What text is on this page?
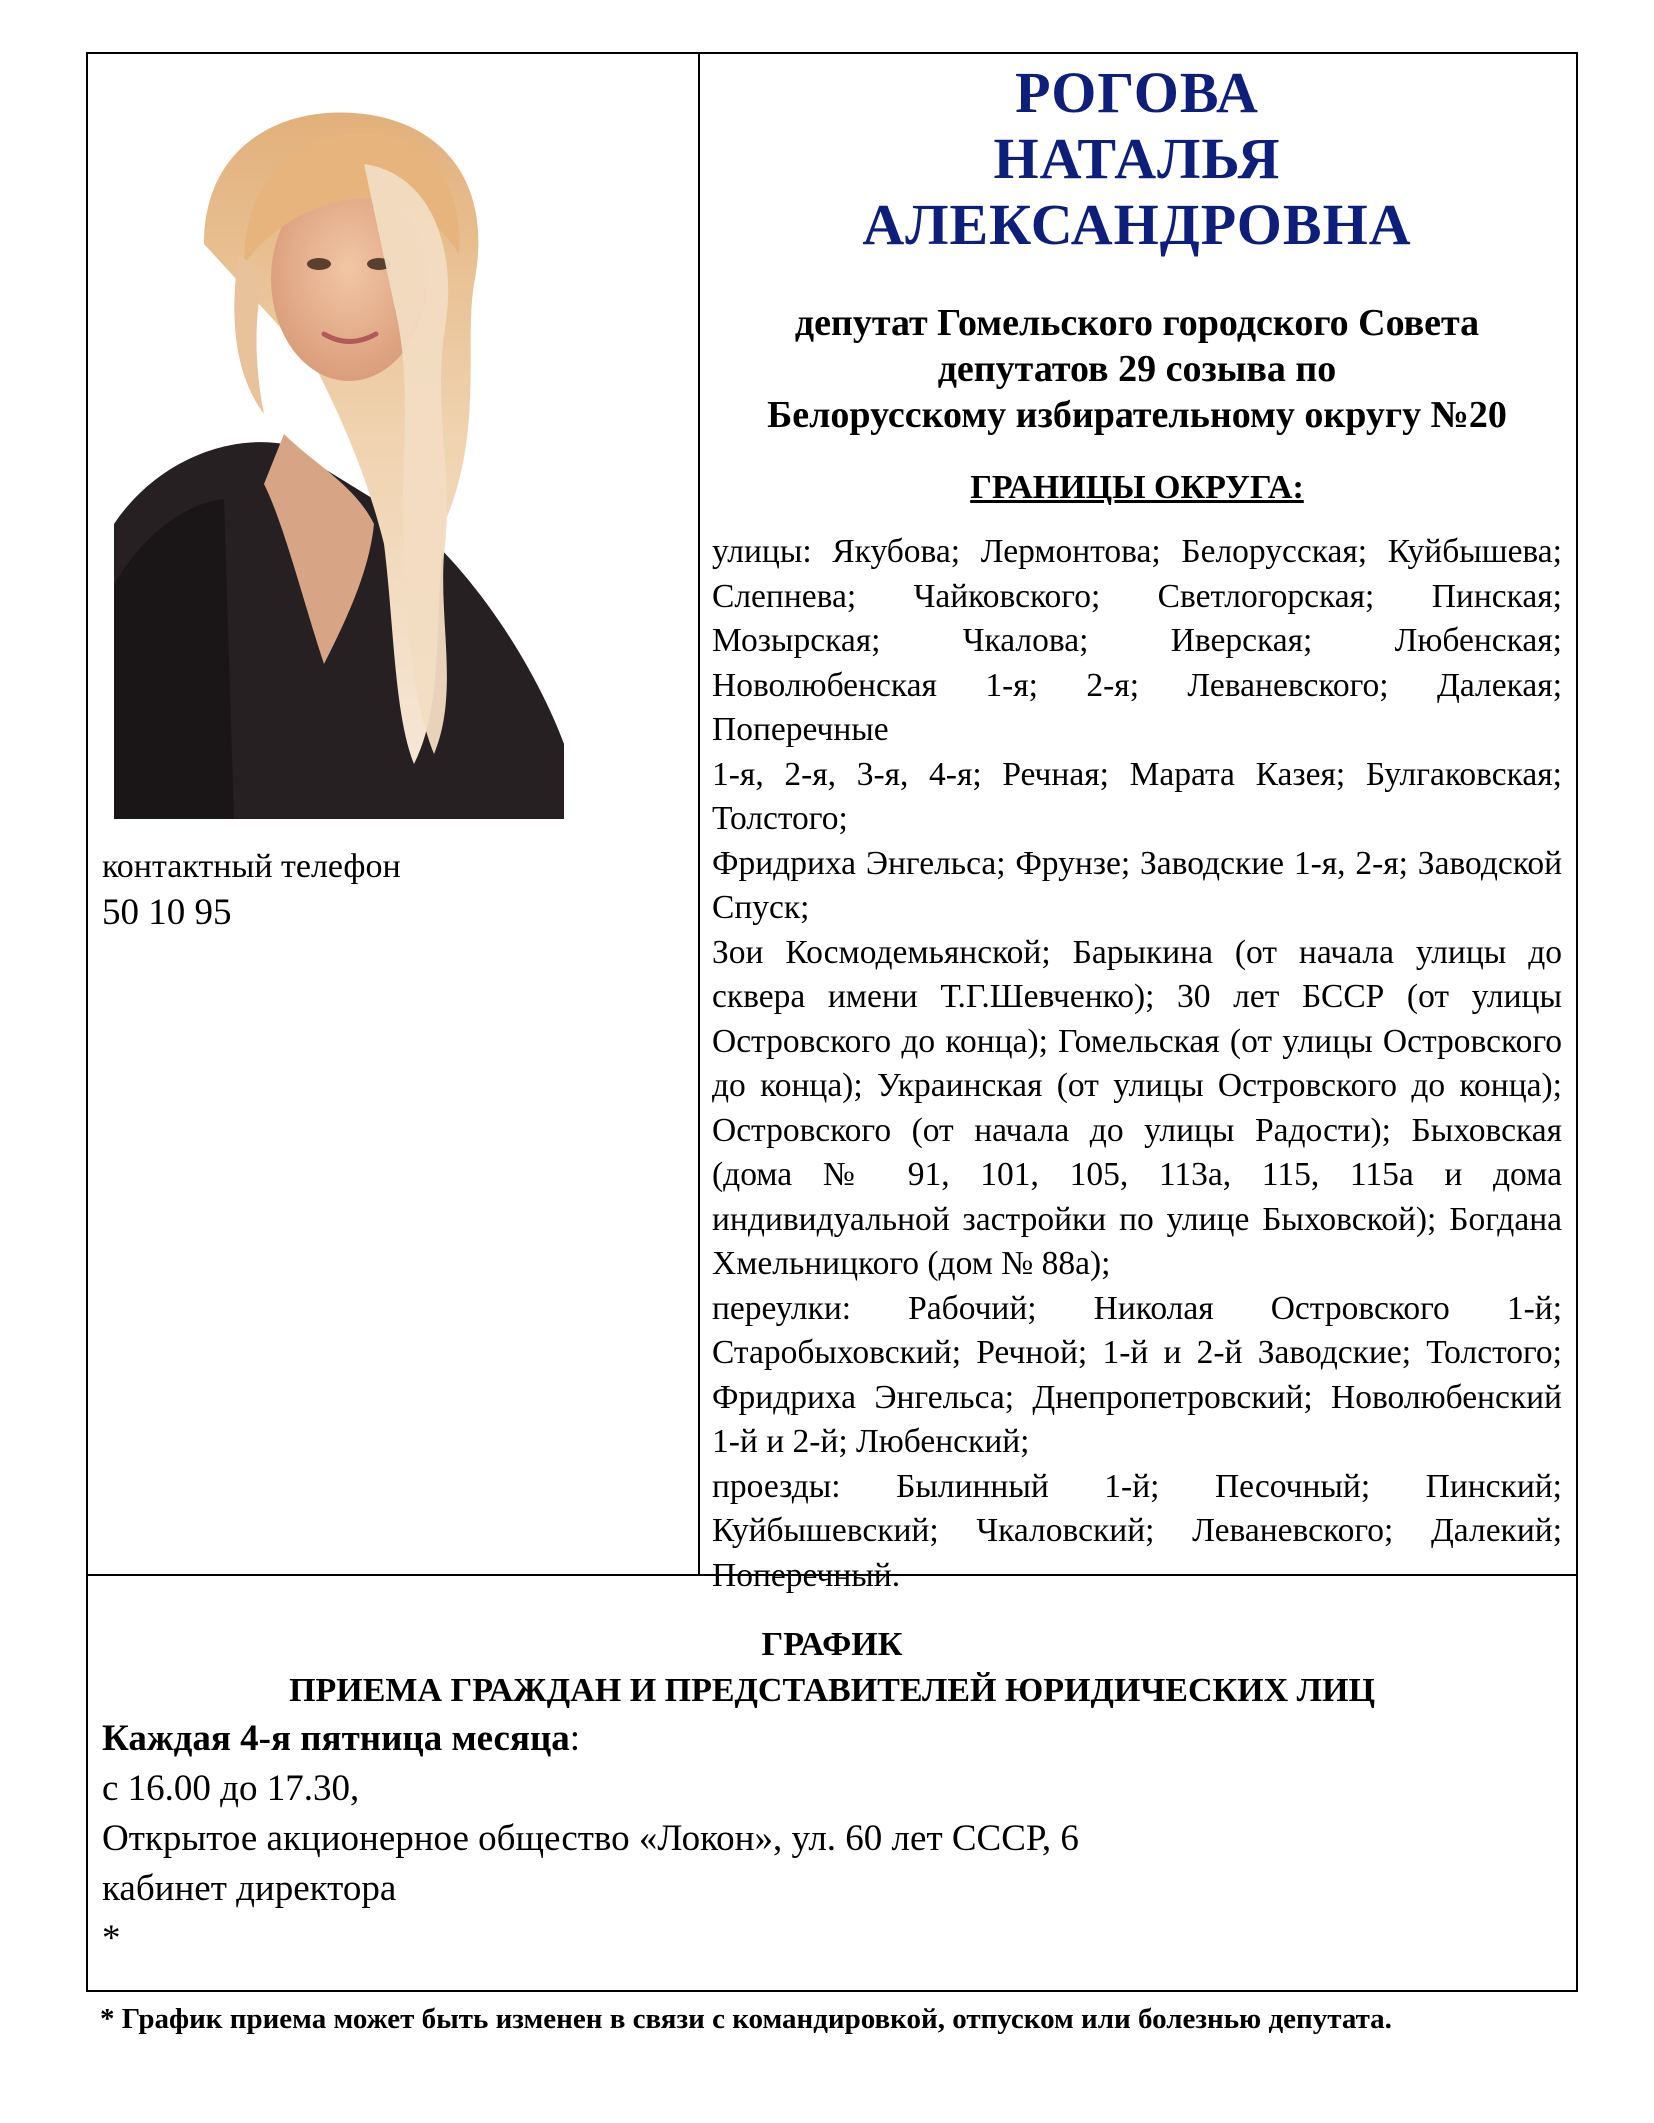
контактный телефон
50 10 95
РОГОВА
НАТАЛЬЯ АЛЕКСАНДРОВНА
депутат Гомельского городского Совета
депутатов 29 созыва по
Белорусскому избирательному округу №20
ГРАНИЦЫ ОКРУГА:

улицы: Якубова; Лермонтова; Белорусская; Куйбышева; Слепнева; Чайковского; Светлогорская; Пинская; Мозырская; Чкалова; Иверская; Любенская; Новолюбенская 1-я; 2-я; Леваневского; Далекая; Поперечные

1-я, 2-я, 3-я, 4-я; Речная; Марата Казея; Булгаковская; Толстого;

Фридриха Энгельса; Фрунзе; Заводские 1-я, 2-я; Заводской Спуск;

Зои Космодемьянской; Барыкина (от начала улицы до сквера имени Т.Г.Шевченко); 30 лет БССР (от улицы Островского до конца); Гомельская (от улицы Островского до конца); Украинская (от улицы Островского до конца); Островского (от начала до улицы Радости); Быховская (дома № 91, 101, 105, 113а, 115, 115а и дома индивидуальной застройки по улице Быховской); Богдана Хмельницкого (дом № 88а);

переулки: Рабочий; Николая Островского 1-й; Старобыховский; Речной; 1-й и 2-й Заводские; Толстого; Фридриха Энгельса; Днепропетровский; Новолюбенский 1-й и 2-й; Любенский;

проезды: Былинный 1-й; Песочный; Пинский; Куйбышевский; Чкаловский; Леваневского; Далекий; Поперечный.

ГРАФИК
ПРИЕМА ГРАЖДАН И ПРЕДСТАВИТЕЛЕЙ ЮРИДИЧЕСКИХ ЛИЦ
Каждая 4-я пятница месяца:
с 16.00 до 17.30,
Открытое акционерное общество «Локон», ул. 60 лет СССР, 6
кабинет директора
*
* График приема может быть изменен в связи с командировкой, отпуском или болезнью депутата.
